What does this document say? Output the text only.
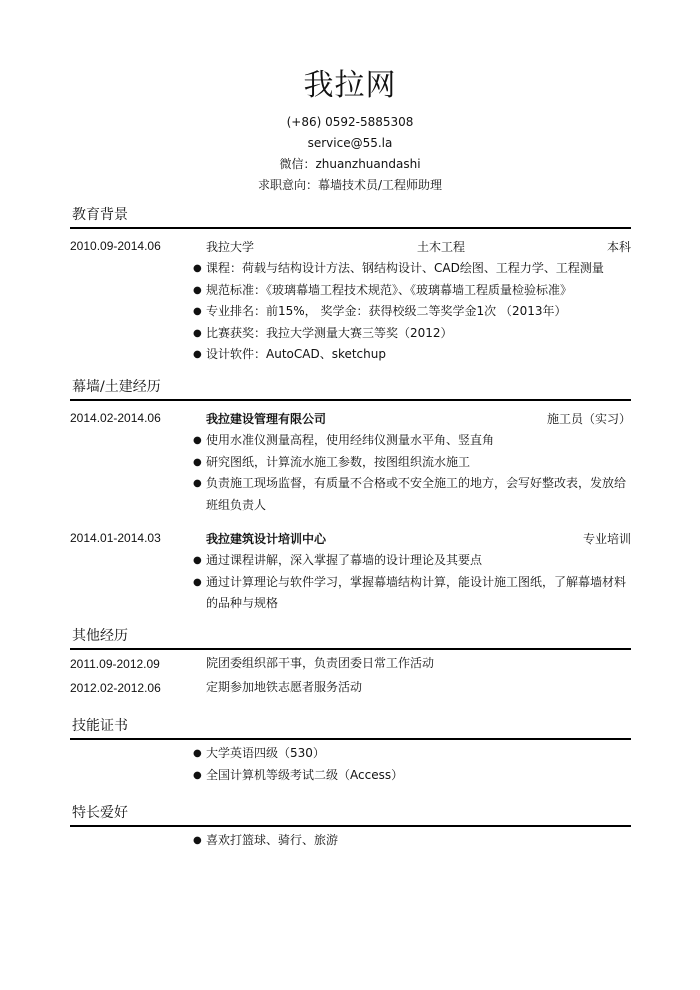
我拉网
(+86) 0592-5885308
service@55.la
微信：zhuanzhuandashi
求职意向：幕墙技术员/工程师助理
教育背景
2010.09-2014.06	我拉大学	土木工程	本科
● 课程：荷载与结构设计方法、钢结构设计、CAD绘图、工程力学、工程测量
● 规范标准：《玻璃幕墙工程技术规范》、《玻璃幕墙工程质量检验标准》
● 专业排名：前15%， 奖学金：获得校级二等奖学金1次 （2013年）
● 比赛获奖：我拉大学测量大赛三等奖（2012）
● 设计软件：AutoCAD、sketchup
幕墙/土建经历
2014.02-2014.06	我拉建设管理有限公司	施工员（实习）
● 使用水准仪测量高程，使用经纬仪测量水平角、竖直角
● 研究图纸，计算流水施工参数，按图组织流水施工
● 负责施工现场监督，有质量不合格或不安全施工的地方，会写好整改表，发放给班组负责人
2014.01-2014.03	我拉建筑设计培训中心	专业培训
● 通过课程讲解，深入掌握了幕墙的设计理论及其要点
● 通过计算理论与软件学习，掌握幕墙结构计算，能设计施工图纸，了解幕墙材料的品种与规格
其他经历
2011.09-2012.09	院团委组织部干事，负责团委日常工作活动
2012.02-2012.06	定期参加地铁志愿者服务活动
技能证书
● 大学英语四级（530）
● 全国计算机等级考试二级（Access）
特长爱好
● 喜欢打篮球、骑行、旅游
